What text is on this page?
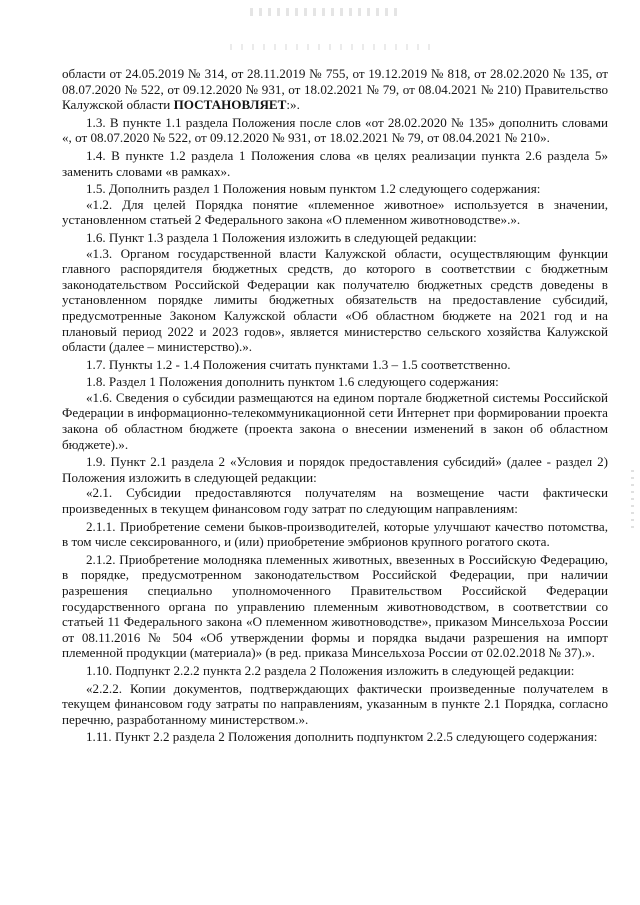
области от 24.05.2019 № 314, от 28.11.2019 № 755, от 19.12.2019 № 818, от 28.02.2020 № 135, от 08.07.2020 № 522, от 09.12.2020 № 931, от 18.02.2021 № 79, от 08.04.2021 № 210) Правительство Калужской области ПОСТАНОВЛЯЕТ:».

1.3. В пункте 1.1 раздела Положения после слов «от 28.02.2020 № 135» дополнить словами «, от 08.07.2020 № 522, от 09.12.2020 № 931, от 18.02.2021 № 79, от 08.04.2021 № 210».

1.4. В пункте 1.2 раздела 1 Положения слова «в целях реализации пункта 2.6 раздела 5» заменить словами «в рамках».

1.5. Дополнить раздел 1 Положения новым пунктом 1.2 следующего содержания:

«1.2. Для целей Порядка понятие «племенное животное» используется в значении, установленном статьей 2 Федерального закона «О племенном животноводстве».».

1.6. Пункт 1.3 раздела 1 Положения изложить в следующей редакции:

«1.3. Органом государственной власти Калужской области, осуществляющим функции главного распорядителя бюджетных средств, до которого в соответствии с бюджетным законодательством Российской Федерации как получателю бюджетных средств доведены в установленном порядке лимиты бюджетных обязательств на предоставление субсидий, предусмотренные Законом Калужской области «Об областном бюджете на 2021 год и на плановый период 2022 и 2023 годов», является министерство сельского хозяйства Калужской области (далее – министерство).».

1.7. Пункты 1.2 - 1.4 Положения считать пунктами 1.3 – 1.5 соответственно.

1.8. Раздел 1 Положения дополнить пунктом 1.6 следующего содержания:

«1.6. Сведения о субсидии размещаются на едином портале бюджетной системы Российской Федерации в информационно-телекоммуникационной сети Интернет при формировании проекта закона об областном бюджете (проекта закона о внесении изменений в закон об областном бюджете).».

1.9. Пункт 2.1 раздела 2 «Условия и порядок предоставления субсидий» (далее - раздел 2) Положения изложить в следующей редакции:

«2.1. Субсидии предоставляются получателям на возмещение части фактически произведенных в текущем финансовом году затрат по следующим направлениям:

2.1.1. Приобретение семени быков-производителей, которые улучшают качество потомства, в том числе сексированного, и (или) приобретение эмбрионов крупного рогатого скота.

2.1.2. Приобретение молодняка племенных животных, ввезенных в Российскую Федерацию, в порядке, предусмотренном законодательством Российской Федерации, при наличии разрешения специально уполномоченного Правительством Российской Федерации государственного органа по управлению племенным животноводством, в соответствии со статьей 11 Федерального закона «О племенном животноводстве», приказом Минсельхоза России от 08.11.2016 № 504 «Об утверждении формы и порядка выдачи разрешения на импорт племенной продукции (материала)» (в ред. приказа Минсельхоза России от 02.02.2018 № 37).».

1.10. Подпункт 2.2.2 пункта 2.2 раздела 2 Положения изложить в следующей редакции:

«2.2.2. Копии документов, подтверждающих фактически произведенные получателем в текущем финансовом году затраты по направлениям, указанным в пункте 2.1 Порядка, согласно перечню, разработанному министерством.».

1.11. Пункт 2.2 раздела 2 Положения дополнить подпунктом 2.2.5 следующего содержания:
